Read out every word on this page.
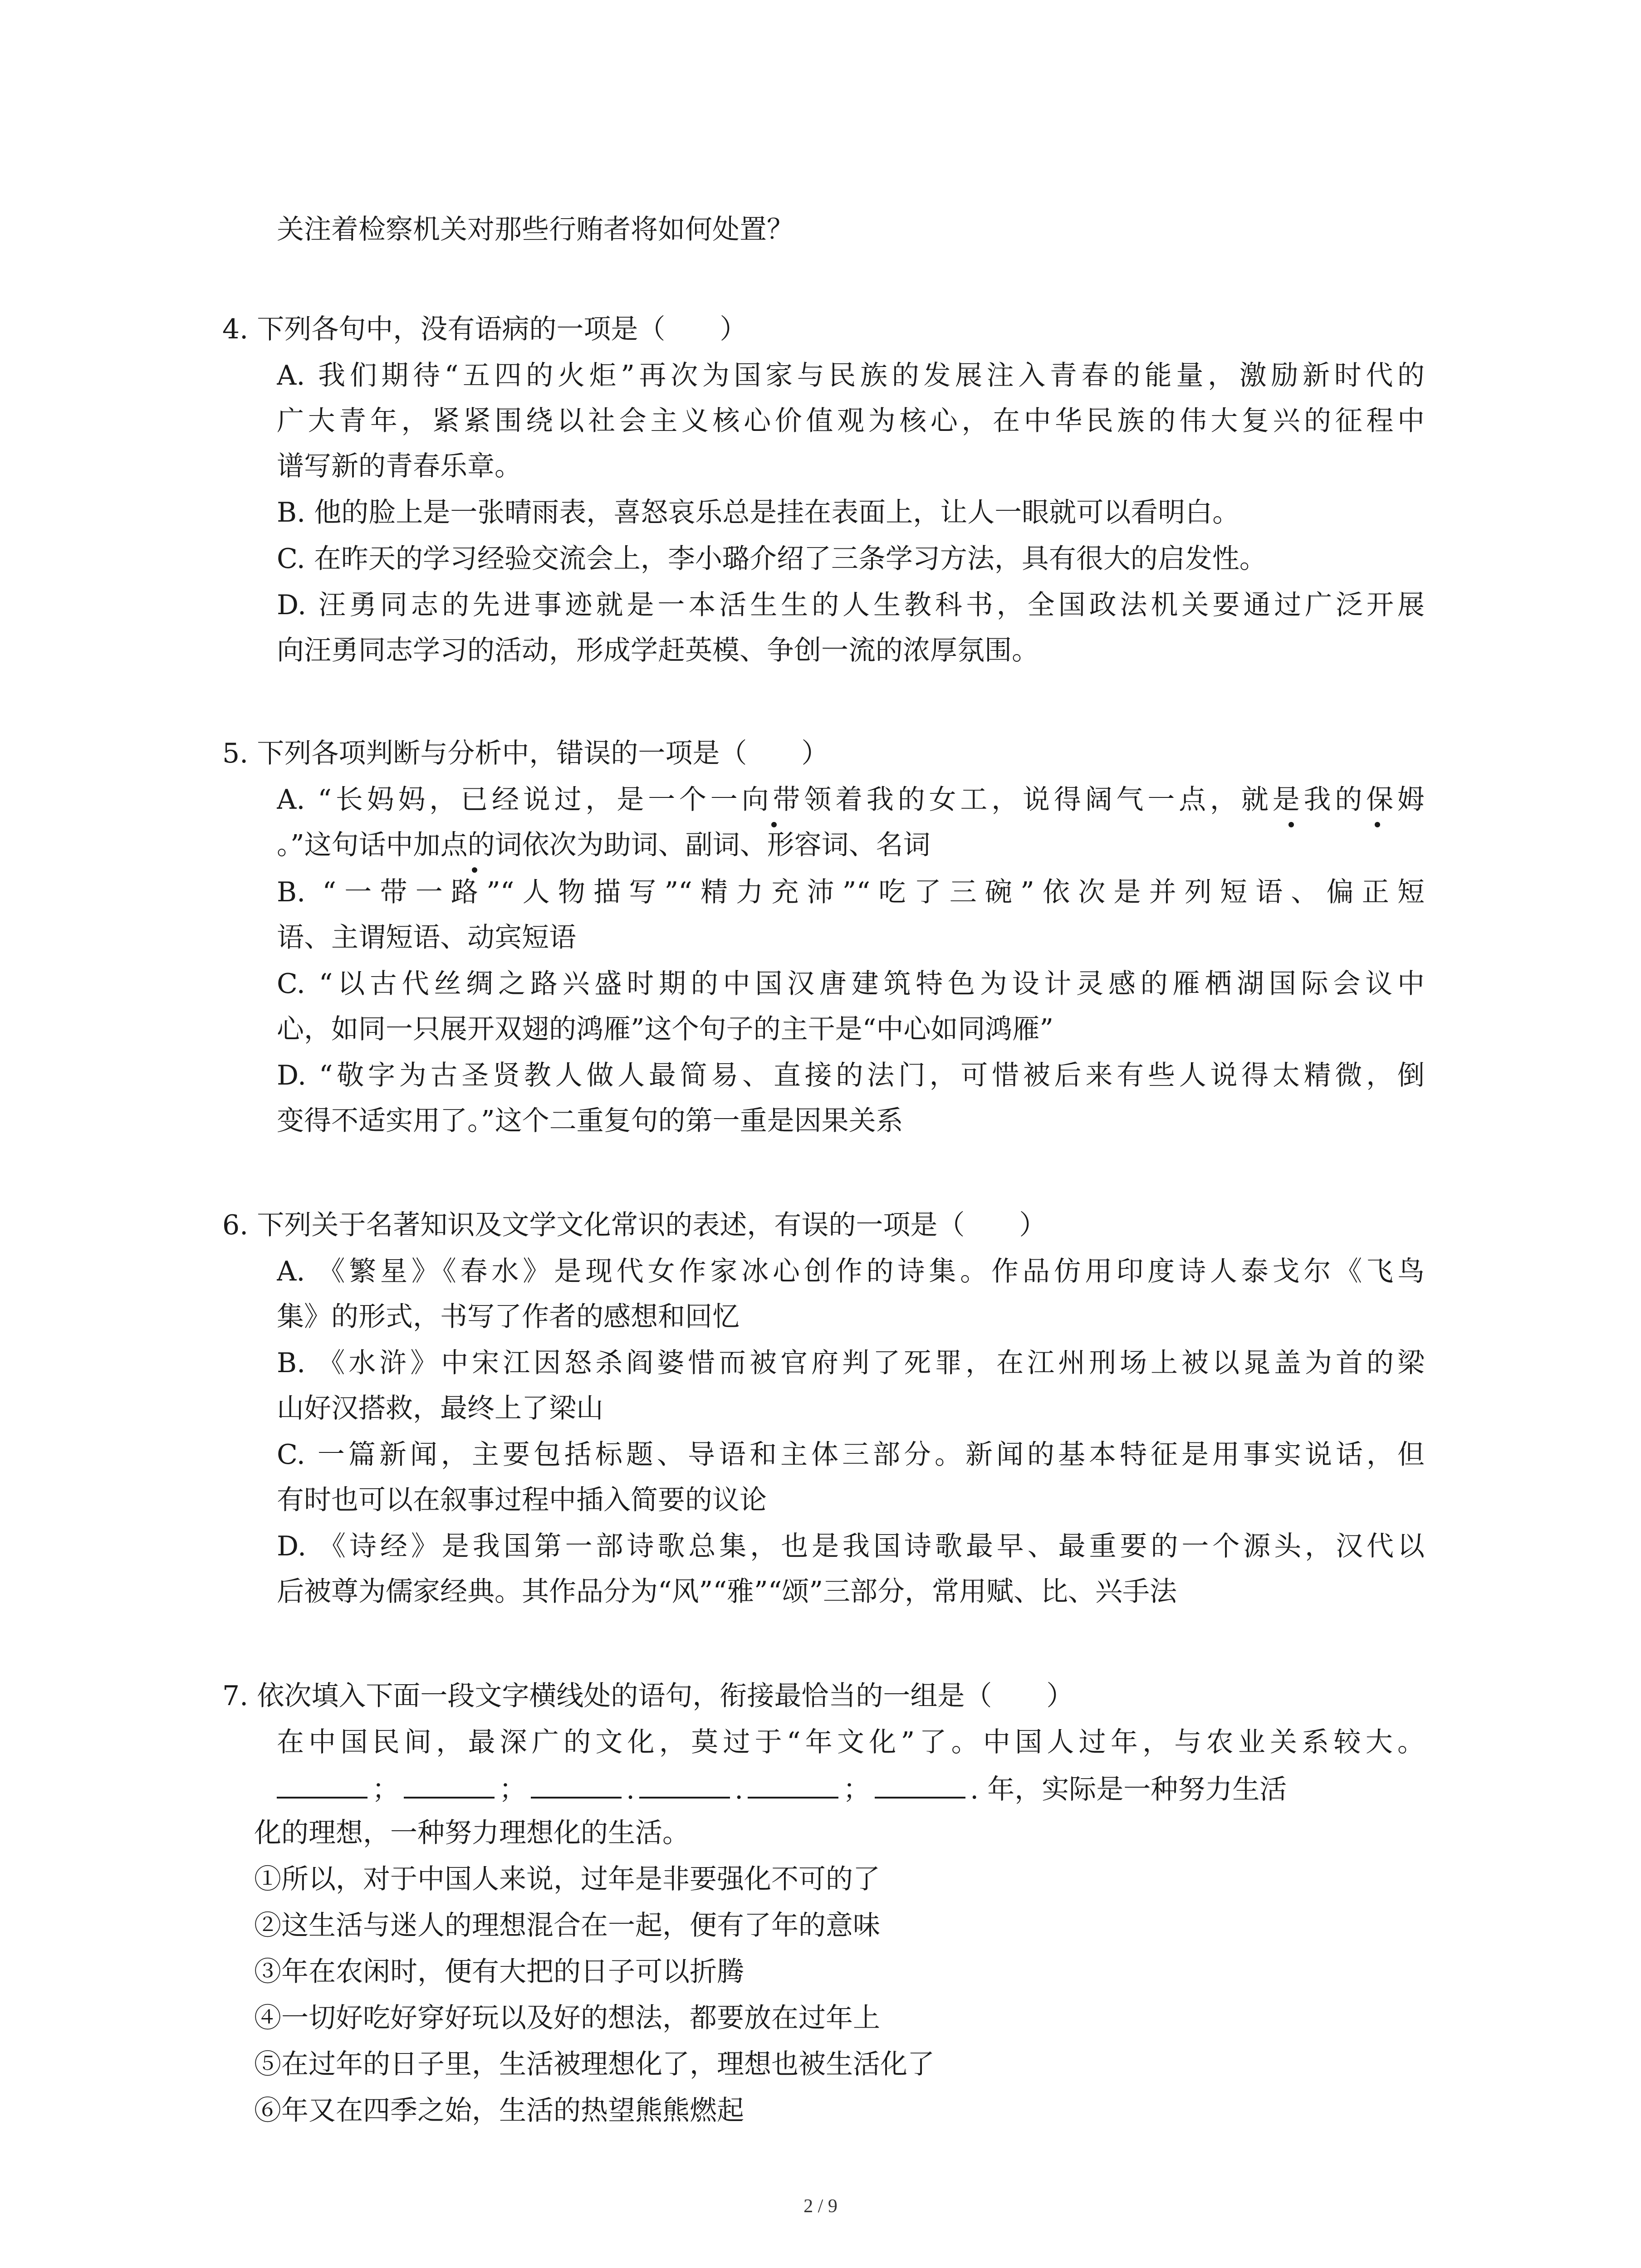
关注着检察机关对那些行贿者将如何处置？
4. 下列各句中，没有语病的一项是（　　）
A. 我们期待“五四的火炬”再次为国家与民族的发展注入青春的能量，激励新时代的
广大青年，紧紧围绕以社会主义核心价值观为核心，在中华民族的伟大复兴的征程中
谱写新的青春乐章。
B. 他的脸上是一张晴雨表，喜怒哀乐总是挂在表面上，让人一眼就可以看明白。
C. 在昨天的学习经验交流会上，李小璐介绍了三条学习方法，具有很大的启发性。
D. 汪勇同志的先进事迹就是一本活生生的人生教科书，全国政法机关要通过广泛开展
向汪勇同志学习的活动，形成学赶英模、争创一流的浓厚氛围。
5. 下列各项判断与分析中，错误的一项是（　　）
A. “长妈妈，已经说过，是一个一向带领着我的女工，说得阔气一点，就是我的保姆
。”这句话中加点的词依次为助词、副词、形容词、名词
B. “一带一路”“人物描写”“精力充沛”“吃了三碗”依次是并列短语、偏正短
语、主谓短语、动宾短语
C. “以古代丝绸之路兴盛时期的中国汉唐建筑特色为设计灵感的雁栖湖国际会议中
心，如同一只展开双翅的鸿雁”这个句子的主干是“中心如同鸿雁”
D. “敬字为古圣贤教人做人最简易、直接的法门，可惜被后来有些人说得太精微，倒
变得不适实用了。”这个二重复句的第一重是因果关系
6. 下列关于名著知识及文学文化常识的表述，有误的一项是（　　）
A. 《繁星》《春水》是现代女作家冰心创作的诗集。作品仿用印度诗人泰戈尔《飞鸟
集》的形式，书写了作者的感想和回忆
B. 《水浒》中宋江因怒杀阎婆惜而被官府判了死罪，在江州刑场上被以晁盖为首的梁
山好汉搭救，最终上了梁山
C. 一篇新闻，主要包括标题、导语和主体三部分。新闻的基本特征是用事实说话，但
有时也可以在叙事过程中插入简要的议论
D. 《诗经》是我国第一部诗歌总集，也是我国诗歌最早、最重要的一个源头，汉代以
后被尊为儒家经典。其作品分为“风”“雅”“颂”三部分，常用赋、比、兴手法
7. 依次填入下面一段文字横线处的语句，衔接最恰当的一组是（　　）
在中国民间，最深广的文化，莫过于“年文化”了。中国人过年，与农业关系较大。
；	；	.	.	；	. 年，实际是一种努力生活
化的理想，一种努力理想化的生活。
①所以，对于中国人来说，过年是非要强化不可的了
②这生活与迷人的理想混合在一起，便有了年的意味
③年在农闲时，便有大把的日子可以折腾
④一切好吃好穿好玩以及好的想法，都要放在过年上
⑤在过年的日子里，生活被理想化了，理想也被生活化了
⑥年又在四季之始，生活的热望熊熊燃起
2 / 9
